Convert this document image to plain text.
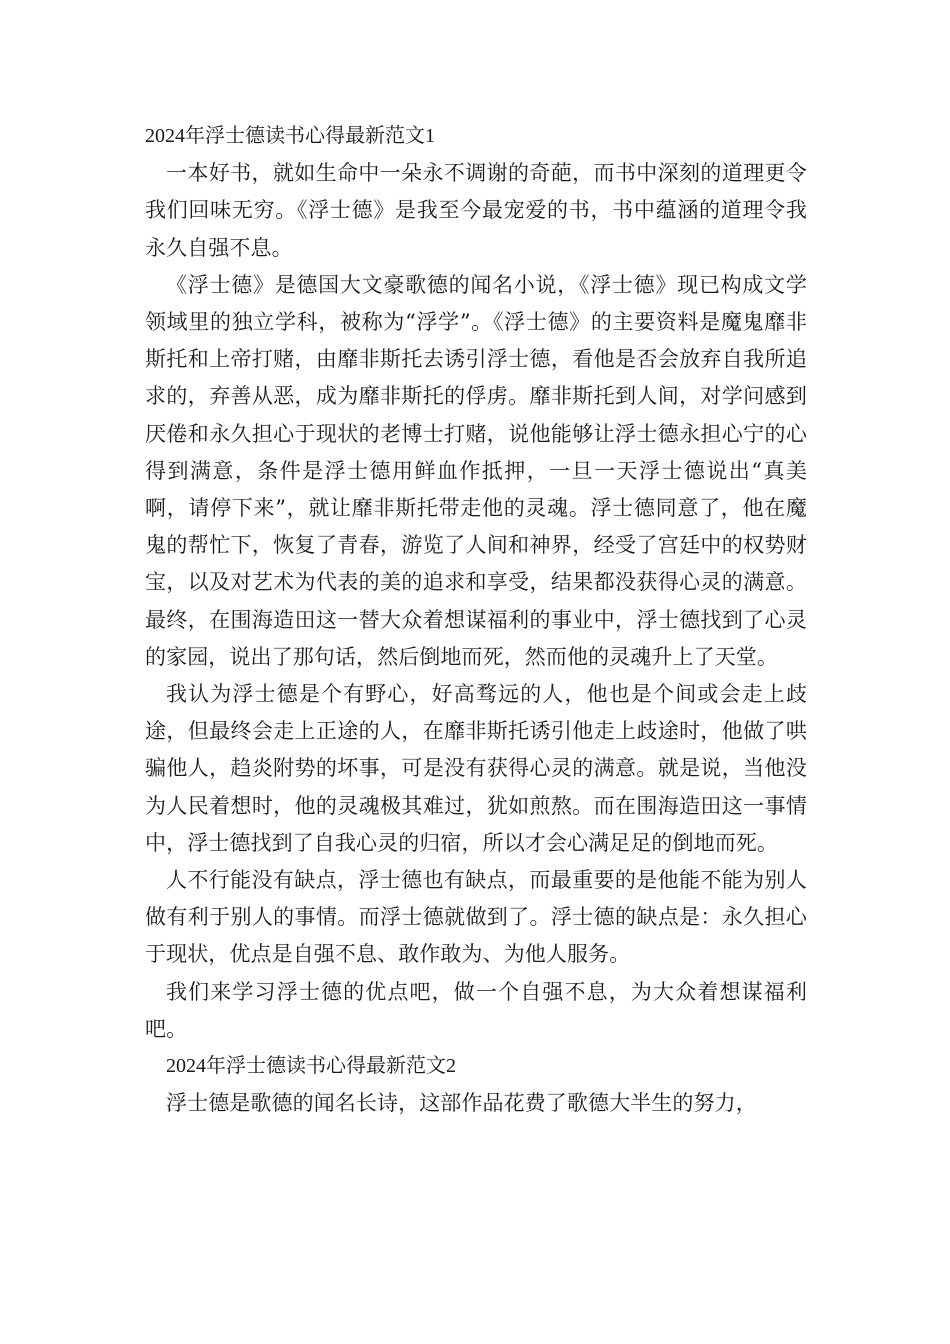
2024年浮士德读书心得最新范文1

一本好书，就如生命中一朵永不调谢的奇葩，而书中深刻的道理更令我们回味无穷。《浮士德》是我至今最宠爱的书，书中蕴涵的道理令我永久自强不息。

《浮士德》是德国大文豪歌德的闻名小说，《浮士德》现已构成文学领域里的独立学科，被称为“浮学”。《浮士德》的主要资料是魔鬼靡非斯托和上帝打赌，由靡非斯托去诱引浮士德，看他是否会放弃自我所追求的，弃善从恶，成为靡非斯托的俘虏。靡非斯托到人间，对学问感到厌倦和永久担心于现状的老博士打赌，说他能够让浮士德永担心宁的心得到满意，条件是浮士德用鲜血作抵押，一旦一天浮士德说出“真美啊，请停下来”，就让靡非斯托带走他的灵魂。浮士德同意了，他在魔鬼的帮忙下，恢复了青春，游览了人间和神界，经受了宫廷中的权势财宝，以及对艺术为代表的美的追求和享受，结果都没获得心灵的满意。最终，在围海造田这一替大众着想谋福利的事业中，浮士德找到了心灵的家园，说出了那句话，然后倒地而死，然而他的灵魂升上了天堂。

我认为浮士德是个有野心，好高骛远的人，他也是个间或会走上歧途，但最终会走上正途的人，在靡非斯托诱引他走上歧途时，他做了哄骗他人，趋炎附势的坏事，可是没有获得心灵的满意。就是说，当他没为人民着想时，他的灵魂极其难过，犹如煎熬。而在围海造田这一事情中，浮士德找到了自我心灵的归宿，所以才会心满足足的倒地而死。

人不行能没有缺点，浮士德也有缺点，而最重要的是他能不能为别人做有利于别人的事情。而浮士德就做到了。浮士德的缺点是：永久担心于现状，优点是自强不息、敢作敢为、为他人服务。

我们来学习浮士德的优点吧，做一个自强不息，为大众着想谋福利吧。

2024年浮士德读书心得最新范文2

浮士德是歌德的闻名长诗，这部作品花费了歌德大半生的努力，
